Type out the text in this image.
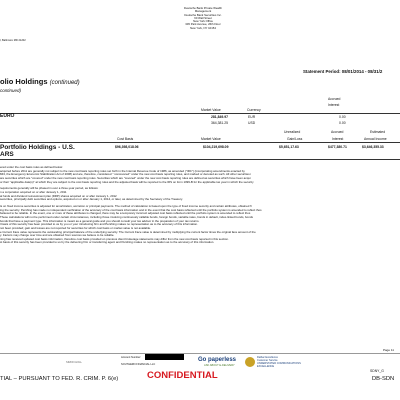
Deutsche Bank Private Wealth Management
Deutsche Bank Securities Inc.
60 Wall Street
New York Office
345 Park Avenue, 26th Floor
New York, NY 10154
l, Baltimore MD 21202
Statement Period: 08/01/2014 - 08/31/2
olio Holdings (continued)
continued)
Accrued
Interest
Market Value	Currency
EURO	281,849.97	EUR	0.00
364,381.25	USD	0.00
Unrealized	Accrued	Estimated
Cost Basis	Market Value	Gain/Loss	Interest	Annual Income
Portfolio Holdings - U.S.
ARS
$96,398,018.06	$104,219,698.09	$5,651,17.63	$477,380.71	$3,646,355.33
ered under the cost basis rules as defined below:
acquired before 2011 are generally not subject to the new cost basis reporting rules set forth in the Internal Revenue Code of 1986, as amended ("IRC") (incorporating amendments enacted by
843, the Emergency Economic Stabilization Act of 2008) and are, therefore, considered " noncovered" under the new cost basis reporting rules, and marked or denoted as such. All other securities i
are securities which are "covered" under the new cost basis reporting rules. Securities which are "covered" under the new cost basis reporting rules are defined as securities which have been acqui
or their "applicable date(s)" at which they are subject to the cost basis reporting rules and the adjusted basis will be reported to the IRS on form 1099-B for the applicable tax year in which the security
requirements generally will be phased in over a three-year period, as follows:
n a corporation acquired on or after January 1, 2011
al funds and dividend reinvestment plan (DRP) shares acquired on or after January 1, 2012
securities, principally debt securities and options, acquired on or after January 1, 2014, or later, as determined by the Secretary of the Treasury.
ts on fixed income securities is adjusted for amortization, accretion or principal payments. The method of calculation is based upon the type of fixed income security and certain attributes, obtained fr
ing the security. Pershing has made no independent verification of the accuracy of the cost basis information and in the event that the cost basis reflected until the portfolio system is amended to reflect thos
believed to be reliable. In the event, one or more of these attributes is changed, there may be a temporary incorrect adjusted cost basis reflected until the portfolio system is amended to reflect thos
These calculations will not be performed under certain circumstances, including those involving continuously callable bonds, foreign bonds, variable rates, bonds in default, index-linked bonds, bonds
bonds that have a payment type. This information is meant as a general guide and you should consult your tax advisor in the preparation of your tax returns.
l basis of this security has been provided to us by you or your introducing firm and Pershing makes no representation as to the accuracy of this information.
not been provided; gain and losses are not reported for securities for which cost basis or market value is not available.
e Current Face value represents the outstanding principal balance of the underlying security. The Current Face value is determined by multiplying the current factor times the original face amount of the
y. Factors may change over time and are obtained from sources we believe to be reliable.
ning has received updated cost basis information, therefore cost basis provided on previous client brokerage statements may differ from the new cost basis reported in this section.
st basis of this security has been provided to us by the delivering firm or transferring agent and Pershing makes no representation as to the accuracy of this information.
Page 11
SIMON HOLL
Account Number:
SOUTHERN FINANCIAL LLC
Go paperless
ASK ABOUT E-DELIVERY
Dalbar Excellence
Customer Service
UNDERSTATED COMMUNICATIONS
EXCELLENCE
SDNY_G
TIAL – PURSUANT TO FED. R. CRIM. P. 6(e)	CONFIDENTIAL	DB-SDN
